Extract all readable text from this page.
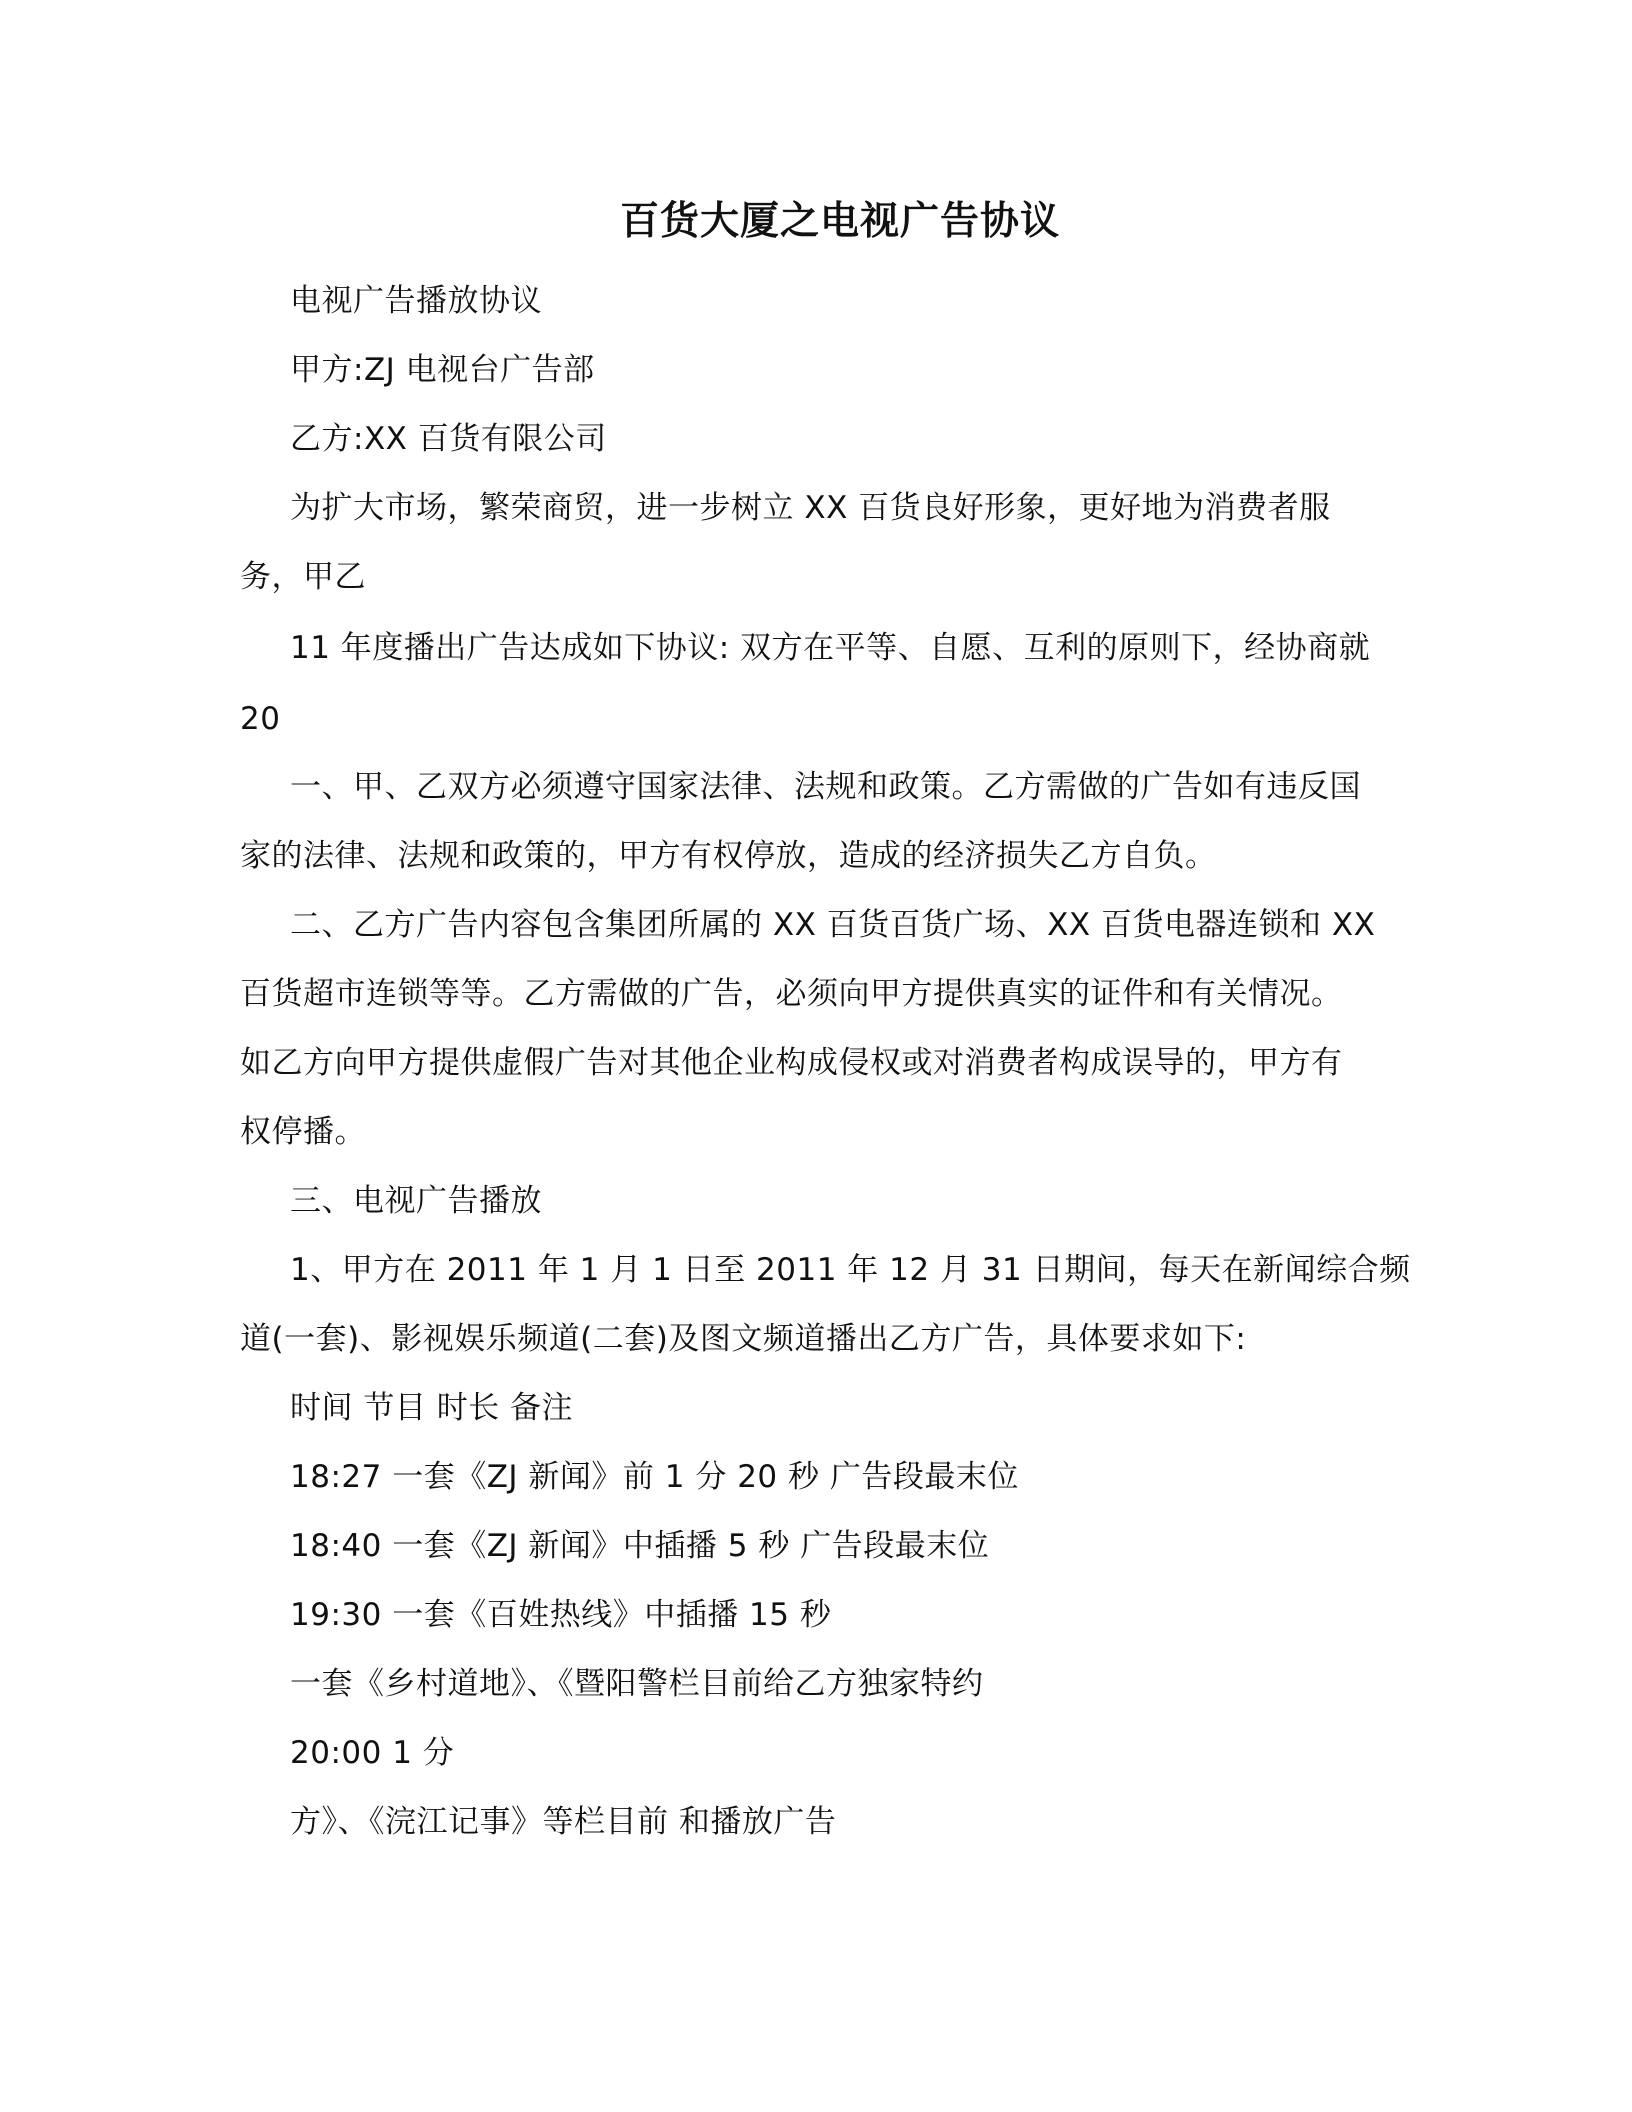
百货大厦之电视广告协议
电视广告播放协议
甲方:ZJ 电视台广告部
乙方:XX 百货有限公司
为扩大市场，繁荣商贸，进一步树立 XX 百货良好形象，更好地为消费者服
务，甲乙
11 年度播出广告达成如下协议: 双方在平等、自愿、互利的原则下，经协商就
20
一、甲、乙双方必须遵守国家法律、法规和政策。乙方需做的广告如有违反国
家的法律、法规和政策的，甲方有权停放，造成的经济损失乙方自负。
二、乙方广告内容包含集团所属的 XX 百货百货广场、XX 百货电器连锁和 XX
百货超市连锁等等。乙方需做的广告，必须向甲方提供真实的证件和有关情况。
如乙方向甲方提供虚假广告对其他企业构成侵权或对消费者构成误导的，甲方有
权停播。
三、电视广告播放
1、甲方在 2011 年 1 月 1 日至 2011 年 12 月 31 日期间，每天在新闻综合频
道(一套)、影视娱乐频道(二套)及图文频道播出乙方广告，具体要求如下:
时间 节目 时长 备注
18:27 一套《ZJ 新闻》前 1 分 20 秒 广告段最末位
18:40 一套《ZJ 新闻》中插播 5 秒 广告段最末位
19:30 一套《百姓热线》中插播 15 秒
一套《乡村道地》、《暨阳警栏目前给乙方独家特约
20:00 1 分
方》、《浣江记事》等栏目前 和播放广告
